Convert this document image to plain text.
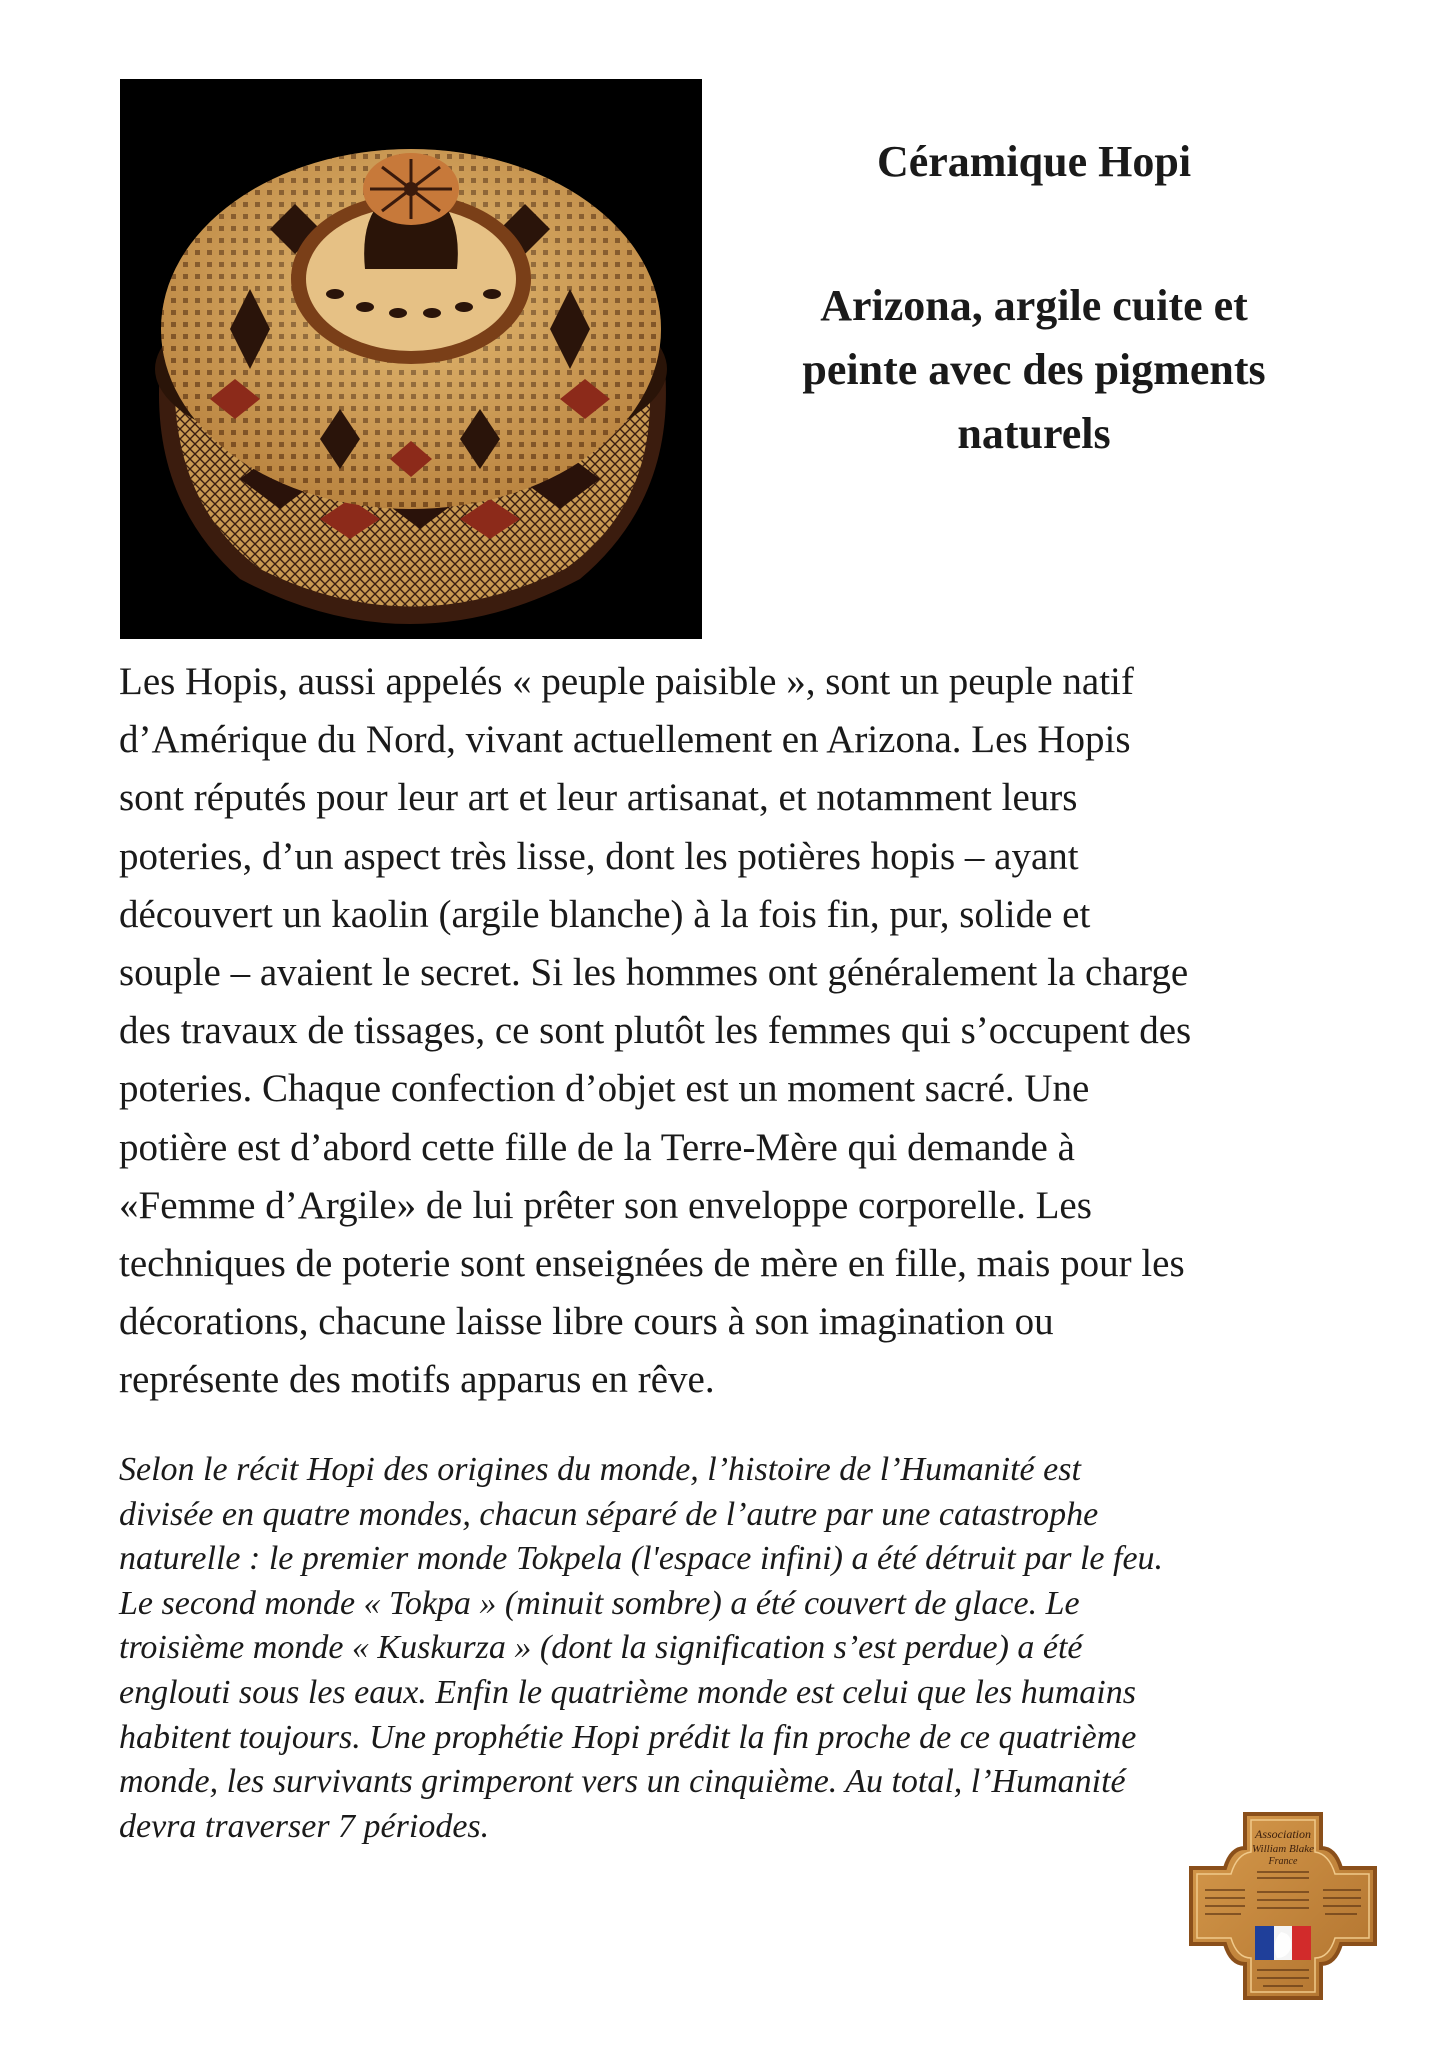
Céramique Hopi
Arizona, argile cuite et
peinte avec des pigments
naturels

Les Hopis, aussi appelés « peuple paisible », sont un peuple natif
d’Amérique du Nord, vivant actuellement en Arizona. Les Hopis
sont réputés pour leur art et leur artisanat, et notamment leurs
poteries, d’un aspect très lisse, dont les potières hopis – ayant
découvert un kaolin (argile blanche) à la fois fin, pur, solide et
souple – avaient le secret. Si les hommes ont généralement la charge
des travaux de tissages, ce sont plutôt les femmes qui s’occupent des
poteries. Chaque confection d’objet est un moment sacré. Une
potière est d’abord cette fille de la Terre-Mère qui demande à
«Femme d’Argile» de lui prêter son enveloppe corporelle. Les
techniques de poterie sont enseignées de mère en fille, mais pour les
décorations, chacune laisse libre cours à son imagination ou
représente des motifs apparus en rêve.

Selon le récit Hopi des origines du monde, l’histoire de l’Humanité est
divisée en quatre mondes, chacun séparé de l’autre par une catastrophe
naturelle : le premier monde Tokpela (l'espace infini) a été détruit par le feu.
Le second monde « Tokpa » (minuit sombre) a été couvert de glace. Le
troisième monde « Kuskurza » (dont la signification s’est perdue) a été
englouti sous les eaux. Enfin le quatrième monde est celui que les humains
habitent toujours. Une prophétie Hopi prédit la fin proche de ce quatrième
monde, les survivants grimperont vers un cinquième. Au total, l’Humanité
devra traverser 7 périodes.	Association
William Blake
France
